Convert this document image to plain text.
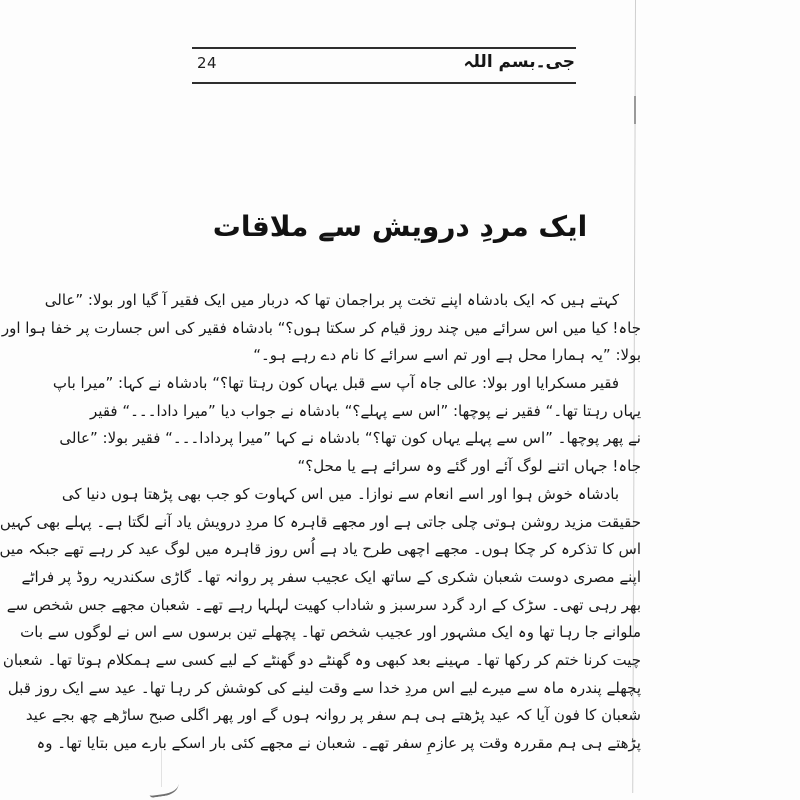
24	جی۔بسم اللہ
ایک مردِ درویش سے ملاقات
کہتے ہیں کہ ایک بادشاہ اپنے تخت پر براجمان تھا کہ دربار میں ایک فقیر آ گیا اور بولا: ”عالی
جاہ! کیا میں اس سرائے میں چند روز قیام کر سکتا ہوں؟“ بادشاہ فقیر کی اس جسارت پر خفا ہوا اور
بولا: ”یہ ہمارا محل ہے اور تم اسے سرائے کا نام دے رہے ہو۔“
فقیر مسکرایا اور بولا: عالی جاہ آپ سے قبل یہاں کون رہتا تھا؟“ بادشاہ نے کہا: ”میرا باپ
یہاں رہتا تھا۔“ فقیر نے پوچھا: ”اس سے پہلے؟“ بادشاہ نے جواب دیا ”میرا دادا۔۔۔“ فقیر
نے پھر پوچھا۔ ”اس سے پہلے یہاں کون تھا؟“ بادشاہ نے کہا ”میرا پردادا۔۔۔“ فقیر بولا: ”عالی
جاہ! جہاں اتنے لوگ آئے اور گئے وہ سرائے ہے یا محل؟“
بادشاہ خوش ہوا اور اسے انعام سے نوازا۔ میں اس کہاوت کو جب بھی پڑھتا ہوں دنیا کی
حقیقت مزید روشن ہوتی چلی جاتی ہے اور مجھے قاہرہ کا مردِ درویش یاد آنے لگتا ہے۔ پہلے بھی کہیں
اس کا تذکرہ کر چکا ہوں۔ مجھے اچھی طرح یاد ہے اُس روز قاہرہ میں لوگ عید کر رہے تھے جبکہ میں
اپنے مصری دوست شعبان شکری کے ساتھ ایک عجیب سفر پر روانہ تھا۔ گاڑی سکندریہ روڈ پر فراٹے
بھر رہی تھی۔ سڑک کے ارد گرد سرسبز و شاداب کھیت لہلہا رہے تھے۔ شعبان مجھے جس شخص سے
ملوانے جا رہا تھا وہ ایک مشہور اور عجیب شخص تھا۔ پچھلے تین برسوں سے اس نے لوگوں سے بات
چیت کرنا ختم کر رکھا تھا۔ مہینے بعد کبھی وہ گھنٹے دو گھنٹے کے لیے کسی سے ہمکلام ہوتا تھا۔ شعبان
پچھلے پندرہ ماہ سے میرے لیے اس مردِ خدا سے وقت لینے کی کوشش کر رہا تھا۔ عید سے ایک روز قبل
شعبان کا فون آیا کہ عید پڑھتے ہی ہم سفر پر روانہ ہوں گے اور پھر اگلی صبح ساڑھے چھ بجے عید
پڑھتے ہی ہم مقررہ وقت پر عازمِ سفر تھے۔ شعبان نے مجھے کئی بار اسکے بارے میں بتایا تھا۔ وہ
